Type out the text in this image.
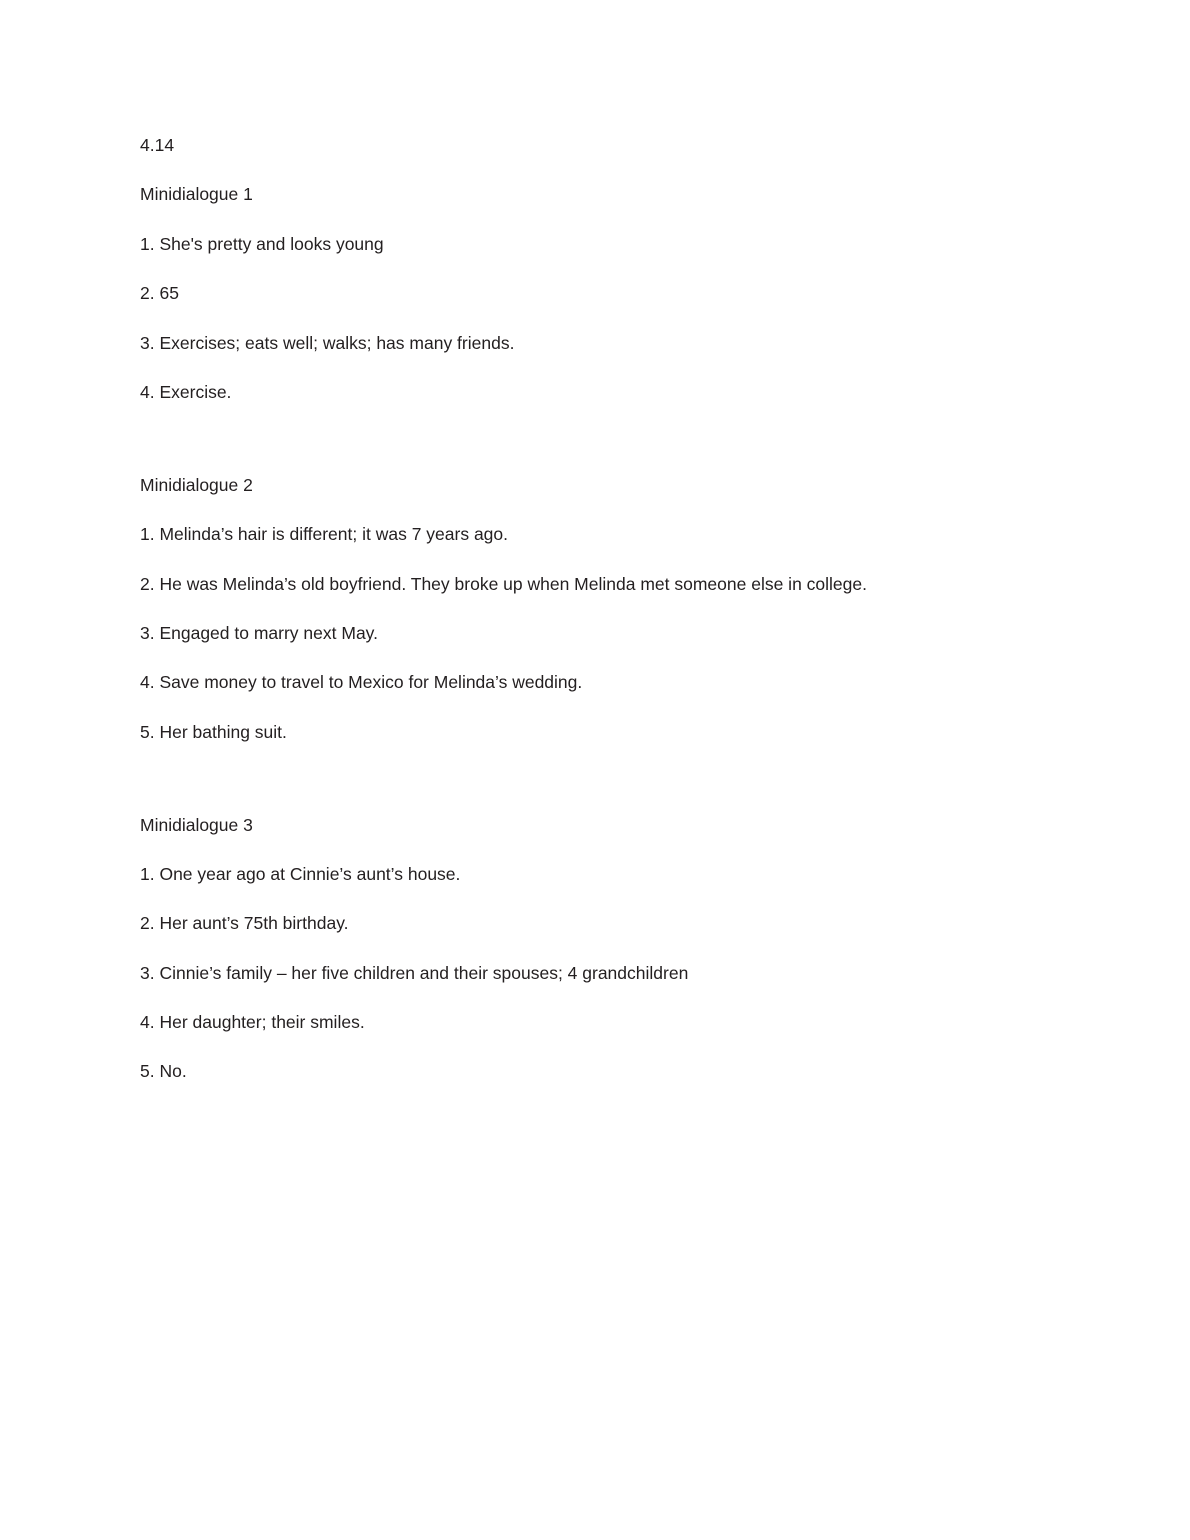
4.14

Minidialogue 1

1. She's pretty and looks young

2. 65

3. Exercises; eats well; walks; has many friends.

4. Exercise.

Minidialogue 2

1. Melinda’s hair is different; it was 7 years ago.

2. He was Melinda’s old boyfriend. They broke up when Melinda met someone else in college.

3. Engaged to marry next May.

4. Save money to travel to Mexico for Melinda’s wedding.

5. Her bathing suit.

Minidialogue 3

1. One year ago at Cinnie’s aunt’s house.

2. Her aunt’s 75th birthday.

3. Cinnie’s family – her five children and their spouses; 4 grandchildren

4. Her daughter; their smiles.

5. No.
